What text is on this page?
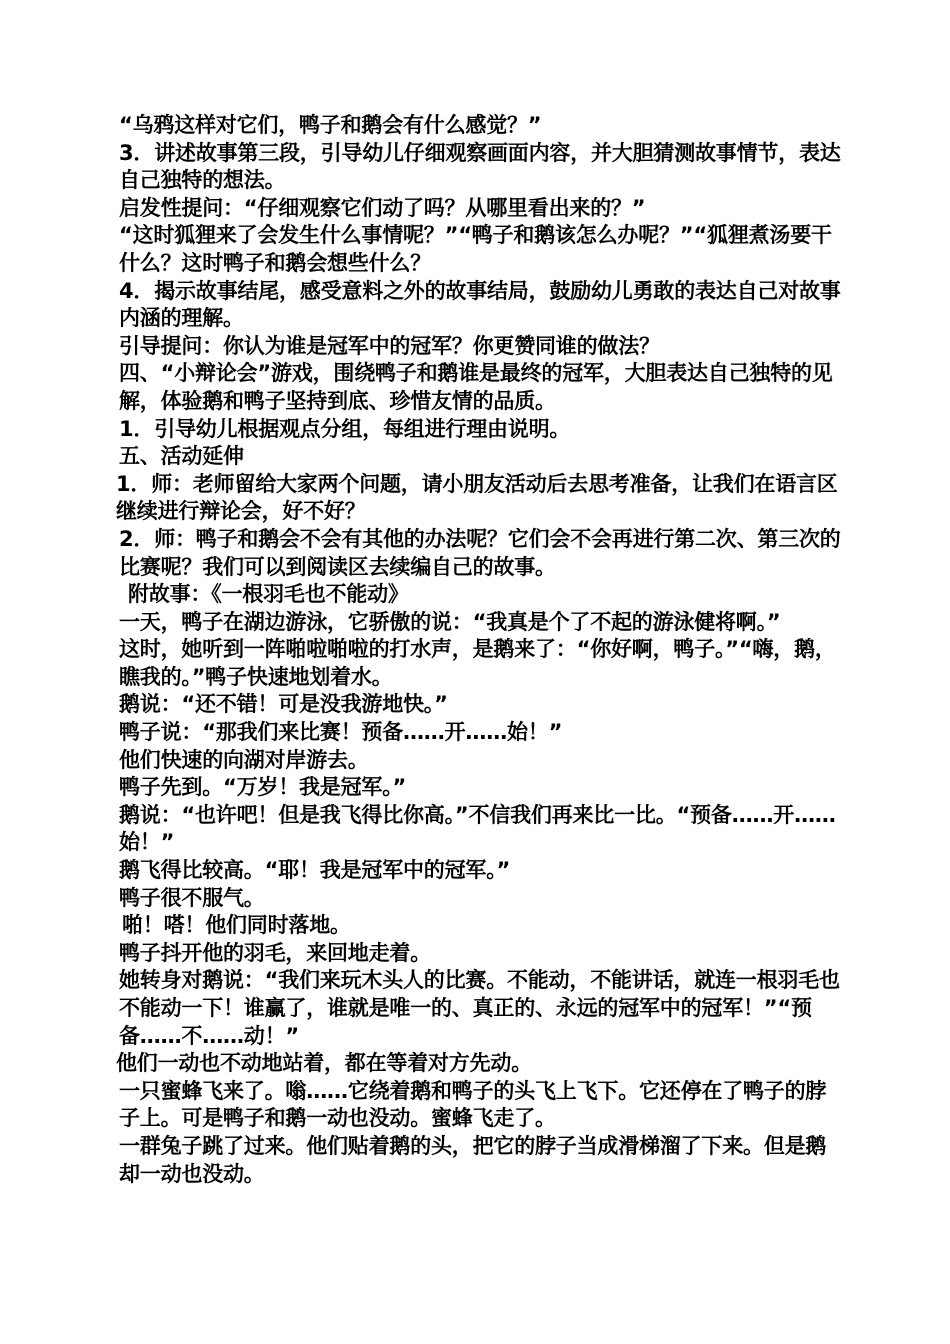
“乌鸦这样对它们，鸭子和鹅会有什么感觉？”

3．讲述故事第三段，引导幼儿仔细观察画面内容，并大胆猜测故事情节，表达自己独特的想法。

启发性提问：“仔细观察它们动了吗？从哪里看出来的？”

“这时狐狸来了会发生什么事情呢？”“鸭子和鹅该怎么办呢？”“狐狸煮汤要干什么？这时鸭子和鹅会想些什么？

4．揭示故事结尾，感受意料之外的故事结局，鼓励幼儿勇敢的表达自己对故事内涵的理解。

引导提问：你认为谁是冠军中的冠军？你更赞同谁的做法？

四、“小辩论会”游戏，围绕鸭子和鹅谁是最终的冠军，大胆表达自己独特的见解，体验鹅和鸭子坚持到底、珍惜友情的品质。

1．引导幼儿根据观点分组，每组进行理由说明。

五、活动延伸

1．师：老师留给大家两个问题，请小朋友活动后去思考准备，让我们在语言区继续进行辩论会，好不好？

2．师：鸭子和鹅会不会有其他的办法呢？它们会不会再进行第二次、第三次的比赛呢？我们可以到阅读区去续编自己的故事。

附故事：《一根羽毛也不能动》

一天，鸭子在湖边游泳，它骄傲的说：“我真是个了不起的游泳健将啊。”

这时，她听到一阵啪啦啪啦的打水声，是鹅来了：“你好啊，鸭子。”“嗨，鹅，瞧我的。”鸭子快速地划着水。

鹅说：“还不错！可是没我游地快。”

鸭子说：“那我们来比赛！预备……开……始！”

他们快速的向湖对岸游去。

鸭子先到。“万岁！我是冠军。”

鹅说：“也许吧！但是我飞得比你高。”不信我们再来比一比。“预备……开……始！”

鹅飞得比较高。“耶！我是冠军中的冠军。”

鸭子很不服气。

啪！嗒！他们同时落地。

鸭子抖开他的羽毛，来回地走着。

她转身对鹅说：“我们来玩木头人的比赛。不能动，不能讲话，就连一根羽毛也不能动一下！谁赢了，谁就是唯一的、真正的、永远的冠军中的冠军！”“预备……不……动！”

他们一动也不动地站着，都在等着对方先动。

一只蜜蜂飞来了。嗡……它绕着鹅和鸭子的头飞上飞下。它还停在了鸭子的脖子上。可是鸭子和鹅一动也没动。蜜蜂飞走了。

一群兔子跳了过来。他们贴着鹅的头，把它的脖子当成滑梯溜了下来。但是鹅却一动也没动。
